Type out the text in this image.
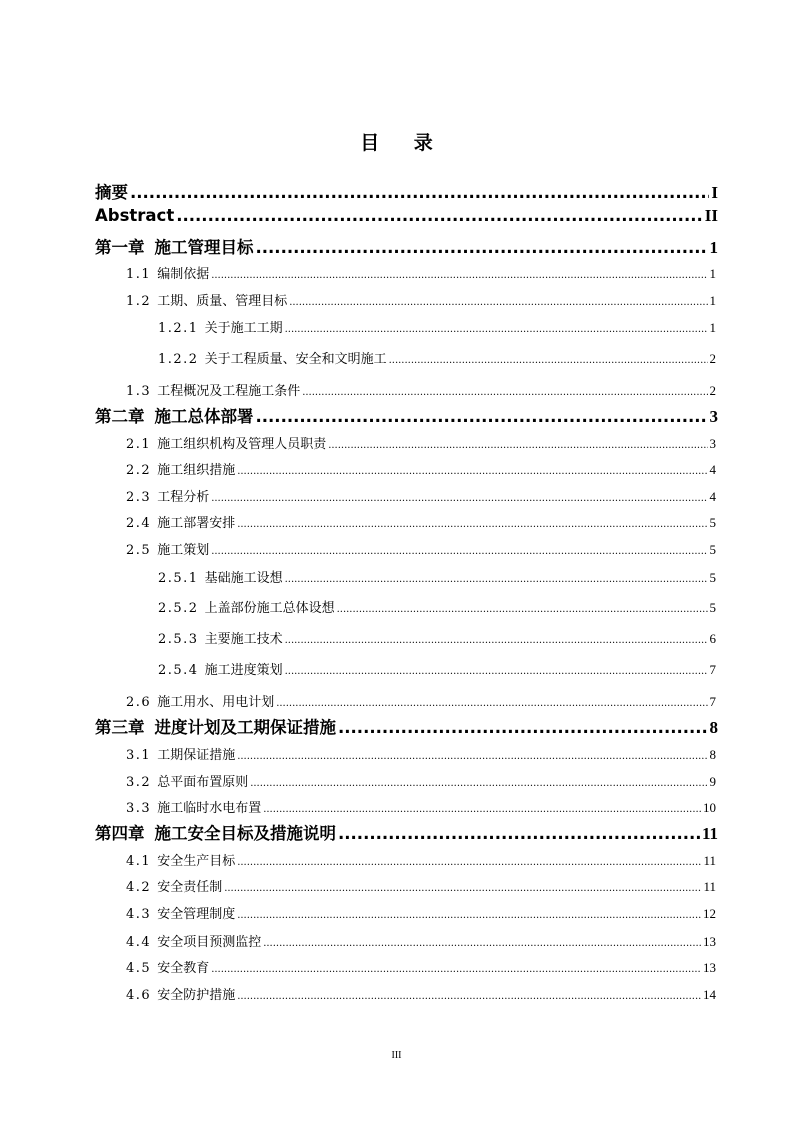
目 录
摘要 .....	I
Abstract .....	II
第一章 施工管理目标 .....	1
1.1 编制依据 .....	1
1.2 工期、质量、管理目标 .....	1
1.2.1 关于施工工期 .....	1
1.2.2 关于工程质量、安全和文明施工 .....	2
1.3 工程概况及工程施工条件 .....	2
第二章 施工总体部署 .....	3
2.1 施工组织机构及管理人员职责 .....	3
2.2 施工组织措施 .....	4
2.3 工程分析 .....	4
2.4 施工部署安排 .....	5
2.5 施工策划 .....	5
2.5.1 基础施工设想 .....	5
2.5.2 上盖部份施工总体设想 .....	5
2.5.3 主要施工技术 .....	6
2.5.4 施工进度策划 .....	7
2.6 施工用水、用电计划 .....	7
第三章 进度计划及工期保证措施 .....	8
3.1 工期保证措施 .....	8
3.2 总平面布置原则 .....	9
3.3 施工临时水电布置 .....	10
第四章 施工安全目标及措施说明 .....	11
4.1 安全生产目标 .....	11
4.2 安全责任制 .....	11
4.3 安全管理制度 .....	12
4.4 安全项目预测监控 .....	13
4.5 安全教育 .....	13
4.6 安全防护措施 .....	14
III
